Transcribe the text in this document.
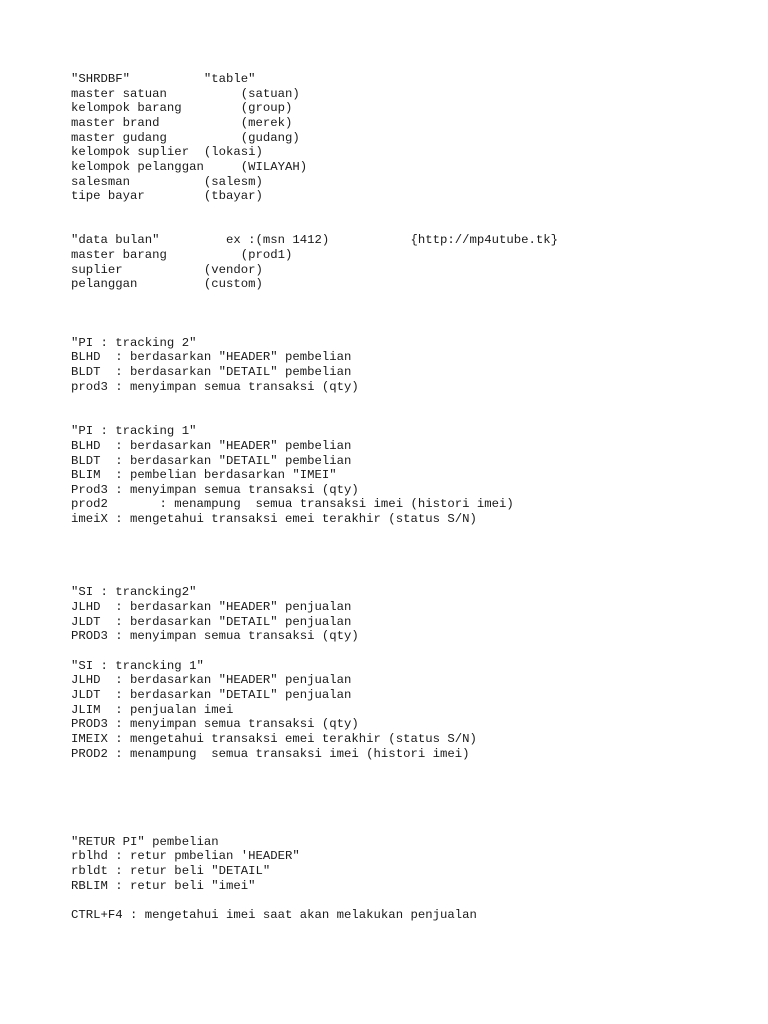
"SHRDBF"          "table"

master satuan          (satuan)

kelompok barang        (group)

master brand           (merek)

master gudang          (gudang)

kelompok suplier  (lokasi)

kelompok pelanggan     (WILAYAH)

salesman          (salesm)

tipe bayar        (tbayar)

"data bulan"         ex :(msn 1412)           {http://mp4utube.tk}

master barang          (prod1)

suplier           (vendor)

pelanggan         (custom)

"PI : tracking 2"

BLHD  : berdasarkan "HEADER" pembelian

BLDT  : berdasarkan "DETAIL" pembelian

prod3 : menyimpan semua transaksi (qty)

"PI : tracking 1"

BLHD  : berdasarkan "HEADER" pembelian

BLDT  : berdasarkan "DETAIL" pembelian

BLIM  : pembelian berdasarkan "IMEI"

Prod3 : menyimpan semua transaksi (qty)

prod2       : menampung  semua transaksi imei (histori imei)

imeiX : mengetahui transaksi emei terakhir (status S/N)

"SI : trancking2"

JLHD  : berdasarkan "HEADER" penjualan

JLDT  : berdasarkan "DETAIL" penjualan

PROD3 : menyimpan semua transaksi (qty)

"SI : trancking 1"

JLHD  : berdasarkan "HEADER" penjualan

JLDT  : berdasarkan "DETAIL" penjualan

JLIM  : penjualan imei

PROD3 : menyimpan semua transaksi (qty)

IMEIX : mengetahui transaksi emei terakhir (status S/N)

PROD2 : menampung  semua transaksi imei (histori imei)

"RETUR PI" pembelian

rblhd : retur pmbelian 'HEADER"

rbldt : retur beli "DETAIL"

RBLIM : retur beli "imei"

CTRL+F4 : mengetahui imei saat akan melakukan penjualan
